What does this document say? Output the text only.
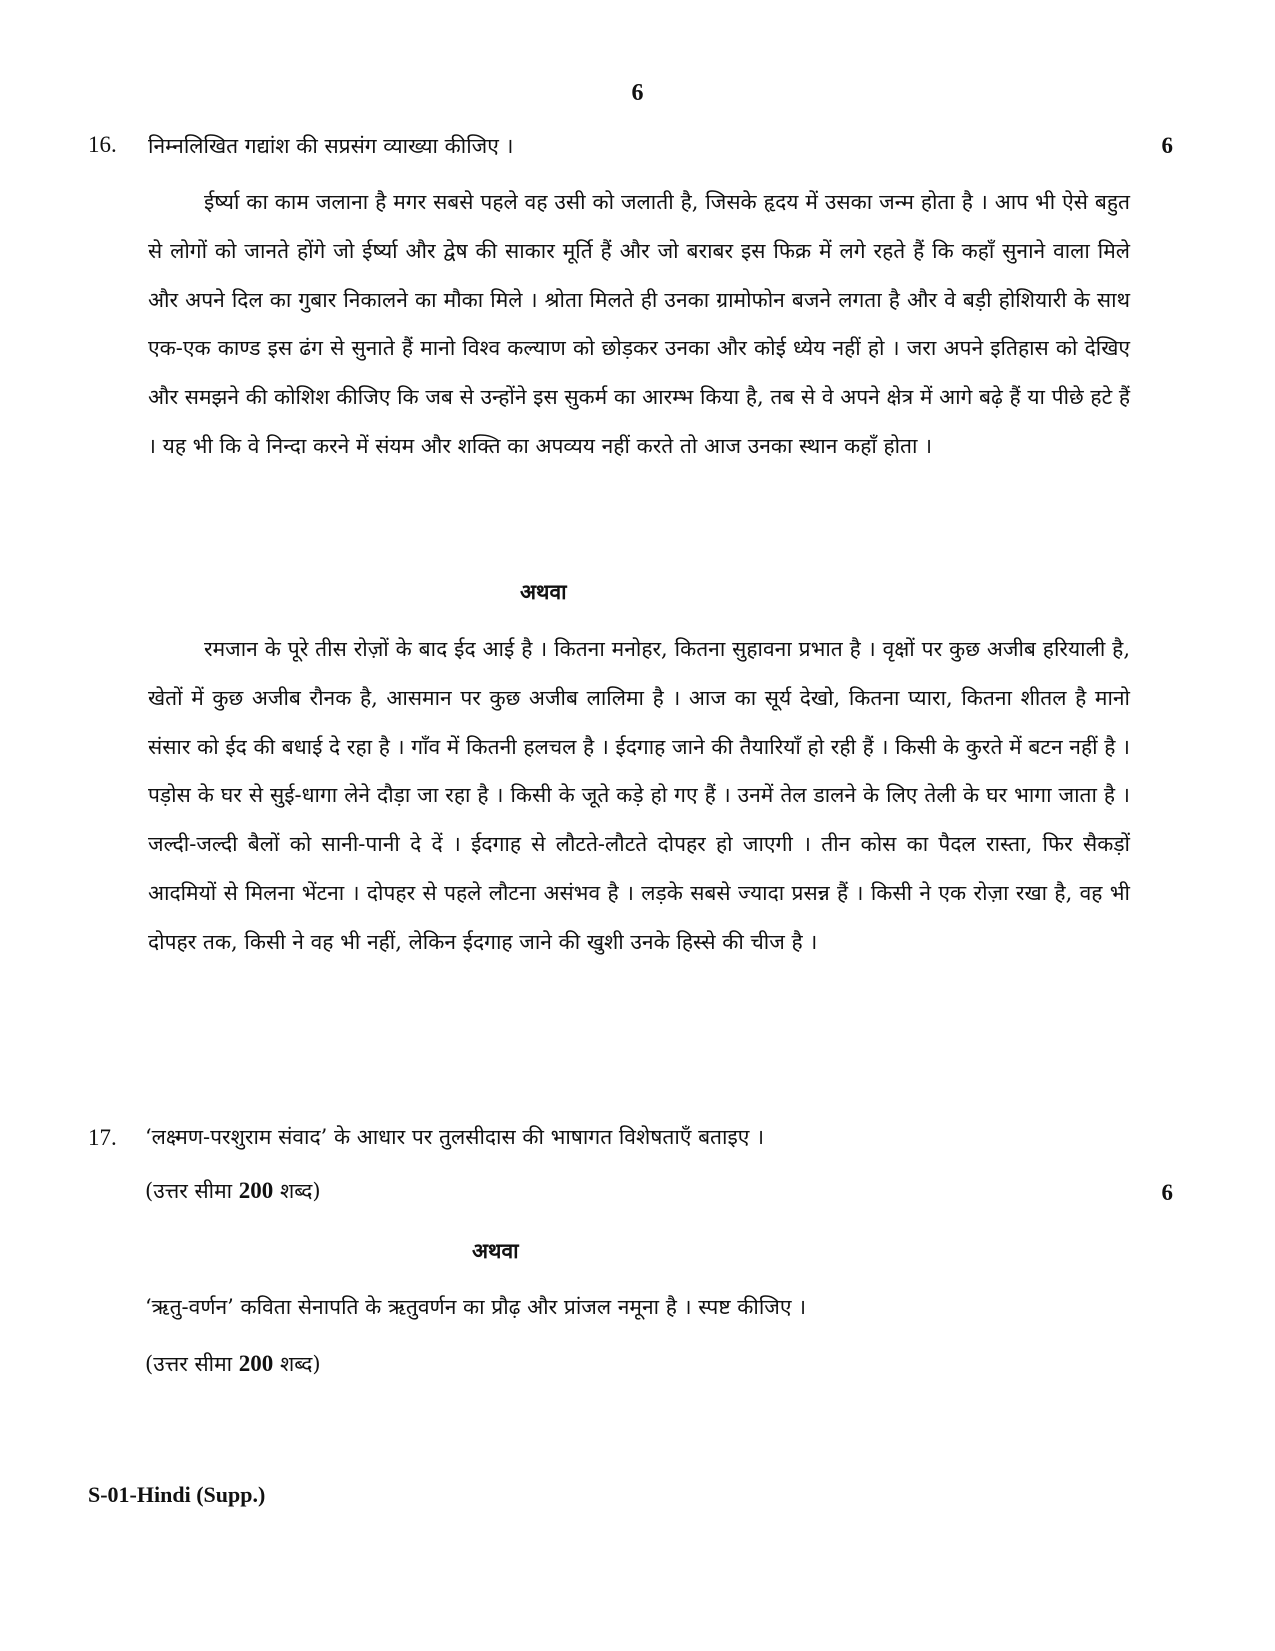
6
16. निम्नलिखित गद्यांश की सप्रसंग व्याख्या कीजिए ।	6

ईर्ष्या का काम जलाना है मगर सबसे पहले वह उसी को जलाती है, जिसके हृदय में उसका जन्म होता है । आप भी ऐसे बहुत से लोगों को जानते होंगे जो ईर्ष्या और द्वेष की साकार मूर्ति हैं और जो बराबर इस फिक्र में लगे रहते हैं कि कहाँ सुनाने वाला मिले और अपने दिल का गुबार निकालने का मौका मिले । श्रोता मिलते ही उनका ग्रामोफोन बजने लगता है और वे बड़ी होशियारी के साथ एक-एक काण्ड इस ढंग से सुनाते हैं मानो विश्व कल्याण को छोड़कर उनका और कोई ध्येय नहीं हो । जरा अपने इतिहास को देखिए और समझने की कोशिश कीजिए कि जब से उन्होंने इस सुकर्म का आरम्भ किया है, तब से वे अपने क्षेत्र में आगे बढ़े हैं या पीछे हटे हैं । यह भी कि वे निन्दा करने में संयम और शक्ति का अपव्यय नहीं करते तो आज उनका स्थान कहाँ होता ।

अथवा

रमजान के पूरे तीस रोज़ों के बाद ईद आई है । कितना मनोहर, कितना सुहावना प्रभात है । वृक्षों पर कुछ अजीब हरियाली है, खेतों में कुछ अजीब रौनक है, आसमान पर कुछ अजीब लालिमा है । आज का सूर्य देखो, कितना प्यारा, कितना शीतल है मानो संसार को ईद की बधाई दे रहा है । गाँव में कितनी हलचल है । ईदगाह जाने की तैयारियाँ हो रही हैं । किसी के कुरते में बटन नहीं है । पड़ोस के घर से सुई-धागा लेने दौड़ा जा रहा है । किसी के जूते कड़े हो गए हैं । उनमें तेल डालने के लिए तेली के घर भागा जाता है । जल्दी-जल्दी बैलों को सानी-पानी दे दें । ईदगाह से लौटते-लौटते दोपहर हो जाएगी । तीन कोस का पैदल रास्ता, फिर सैकड़ों आदमियों से मिलना भेंटना । दोपहर से पहले लौटना असंभव है । लड़के सबसे ज्यादा प्रसन्न हैं । किसी ने एक रोज़ा रखा है, वह भी दोपहर तक, किसी ने वह भी नहीं, लेकिन ईदगाह जाने की खुशी उनके हिस्से की चीज है ।

17. ‘लक्ष्मण-परशुराम संवाद’ के आधार पर तुलसीदास की भाषागत विशेषताएँ बताइए ।
(उत्तर सीमा 200 शब्द)	6
अथवा
‘ऋतु-वर्णन’ कविता सेनापति के ऋतुवर्णन का प्रौढ़ और प्रांजल नमूना है । स्पष्ट कीजिए ।
(उत्तर सीमा 200 शब्द)
S-01-Hindi (Supp.)
